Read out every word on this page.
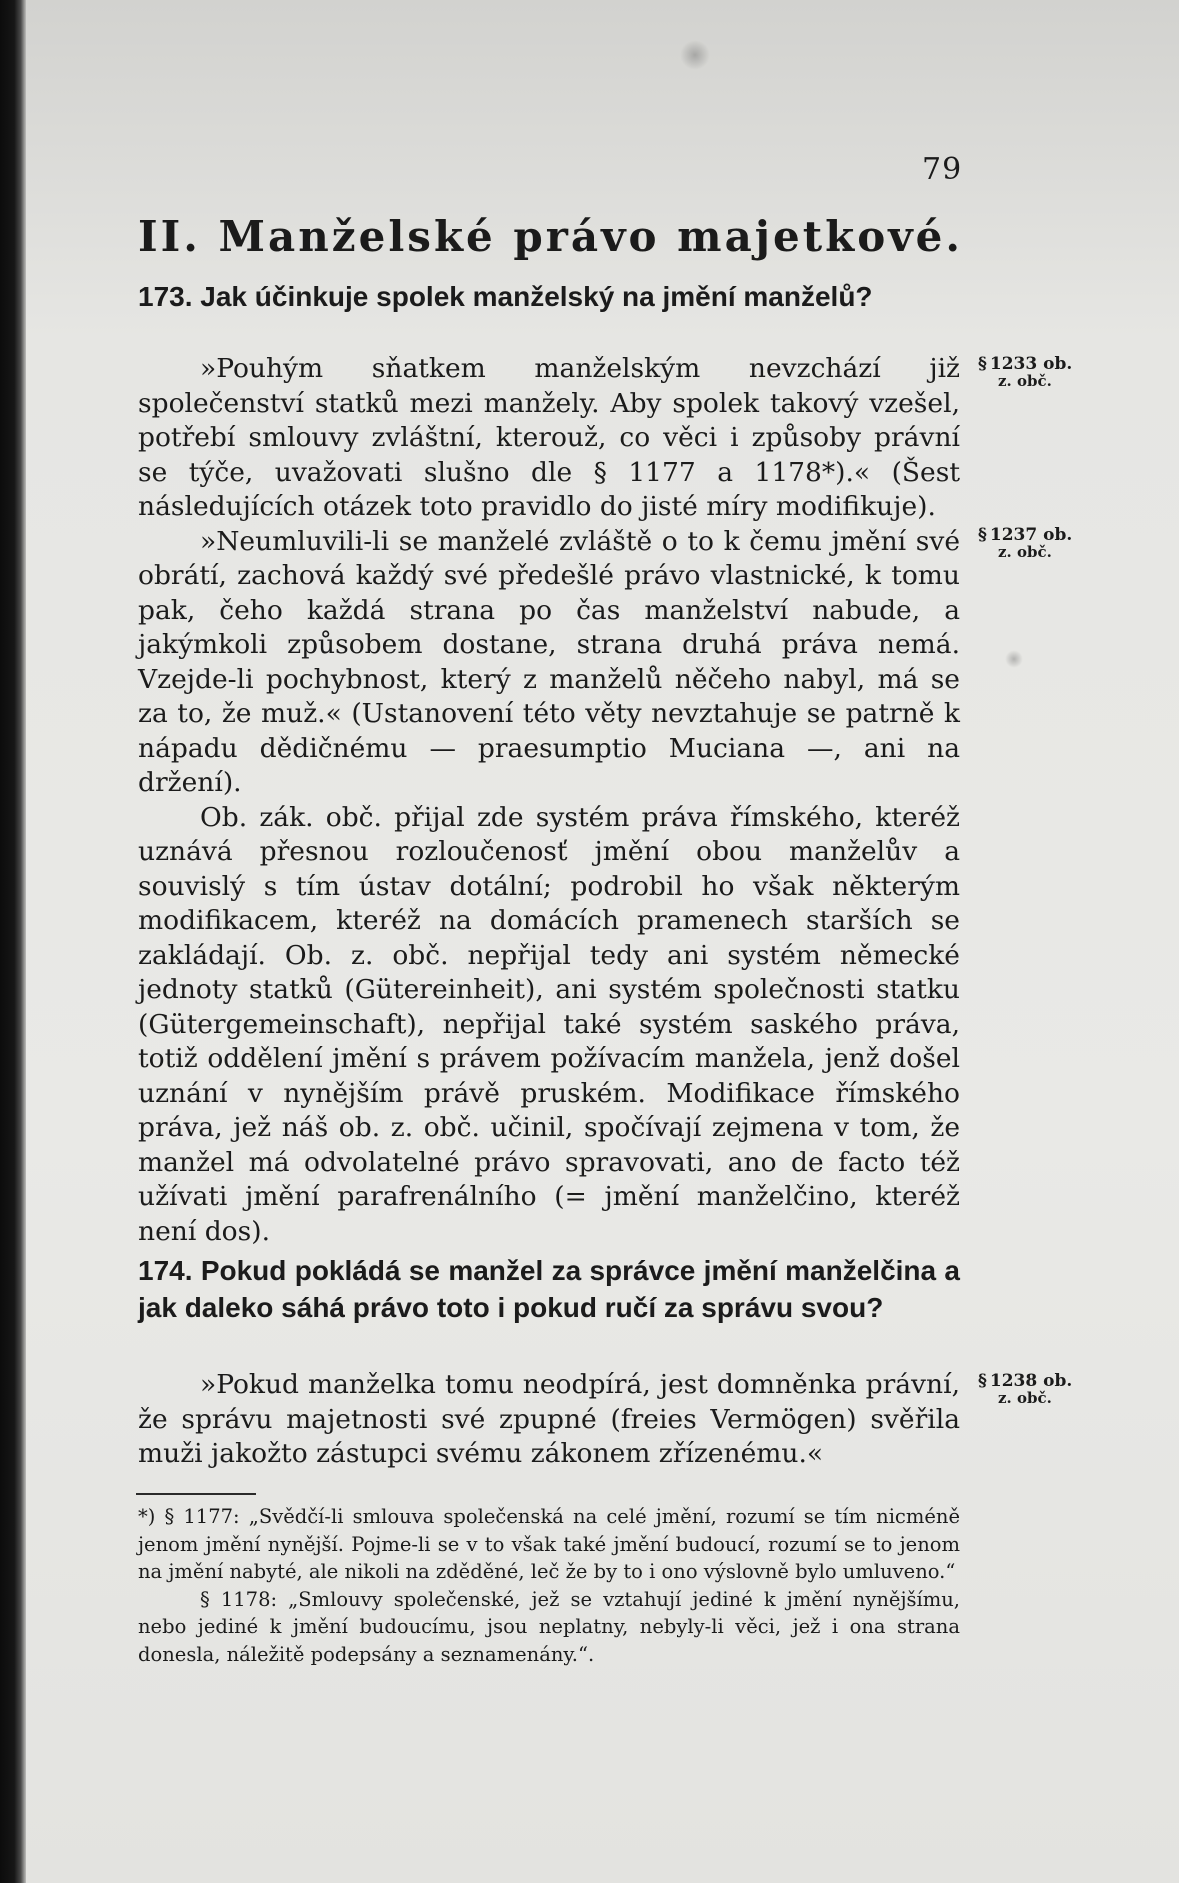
79
II. Manželské právo majetkové.

173. Jak účinkuje spolek manželský na jmění manželů?

»Pouhým sňatkem manželským nevzchází již společenství statků mezi manžely. Aby spolek takový vzešel, potřebí smlouvy zvláštní, kterouž, co věci i způsoby právní se týče, uvažovati slušno dle § 1177 a 1178*).« (Šest následujících otázek toto pravidlo do jisté míry modifikuje).

»Neumluvili-li se manželé zvláště o to k čemu jmění své obrátí, zachová každý své předešlé právo vlastnické, k tomu pak, čeho každá strana po čas manželství nabude, a jakýmkoli způsobem dostane, strana druhá práva nemá. Vzejde-li pochybnost, který z manželů něčeho nabyl, má se za to, že muž.« (Ustanovení této věty nevztahuje se patrně k nápadu dědičnému — praesumptio Muciana —, ani na držení).

Ob. zák. obč. přijal zde systém práva římského, kteréž uznává přesnou rozloučenosť jmění obou manželův a souvislý s tím ústav dotální; podrobil ho však některým modifikacem, kteréž na domácích pramenech starších se zakládají. Ob. z. obč. nepřijal tedy ani systém německé jednoty statků (Gütereinheit), ani systém společnosti statku (Gütergemeinschaft), nepřijal také systém saského práva, totiž oddělení jmění s právem požívacím manžela, jenž došel uznání v nynějším právě pruském. Modifikace římského práva, jež náš ob. z. obč. učinil, spočívají zejmena v tom, že manžel má odvolatelné právo spravovati, ano de facto též užívati jmění parafrenálního (= jmění manželčino, kteréž není dos).

174. Pokud pokládá se manžel za správce jmění manželčina a jak daleko sáhá právo toto i pokud ručí za správu svou?

»Pokud manželka tomu neodpírá, jest domněnka právní, že správu majetnosti své zpupné (freies Vermögen) svěřila muži jakožto zástupci svému zákonem zřízenému.«

§ 1233 ob.
z. obč.
§ 1237 ob.
z. obč.
§ 1238 ob.
z. obč.

*) § 1177: „Svědčí-li smlouva společenská na celé jmění, rozumí se tím nicméně jenom jmění nynější. Pojme-li se v to však také jmění budoucí, rozumí se to jenom na jmění nabyté, ale nikoli na zděděné, leč že by to i ono výslovně bylo umluveno.“

§ 1178: „Smlouvy společenské, jež se vztahují jediné k jmění nynějšímu, nebo jediné k jmění budoucímu, jsou neplatny, nebyly-li věci, jež i ona strana donesla, náležitě podepsány a seznamenány.“.
